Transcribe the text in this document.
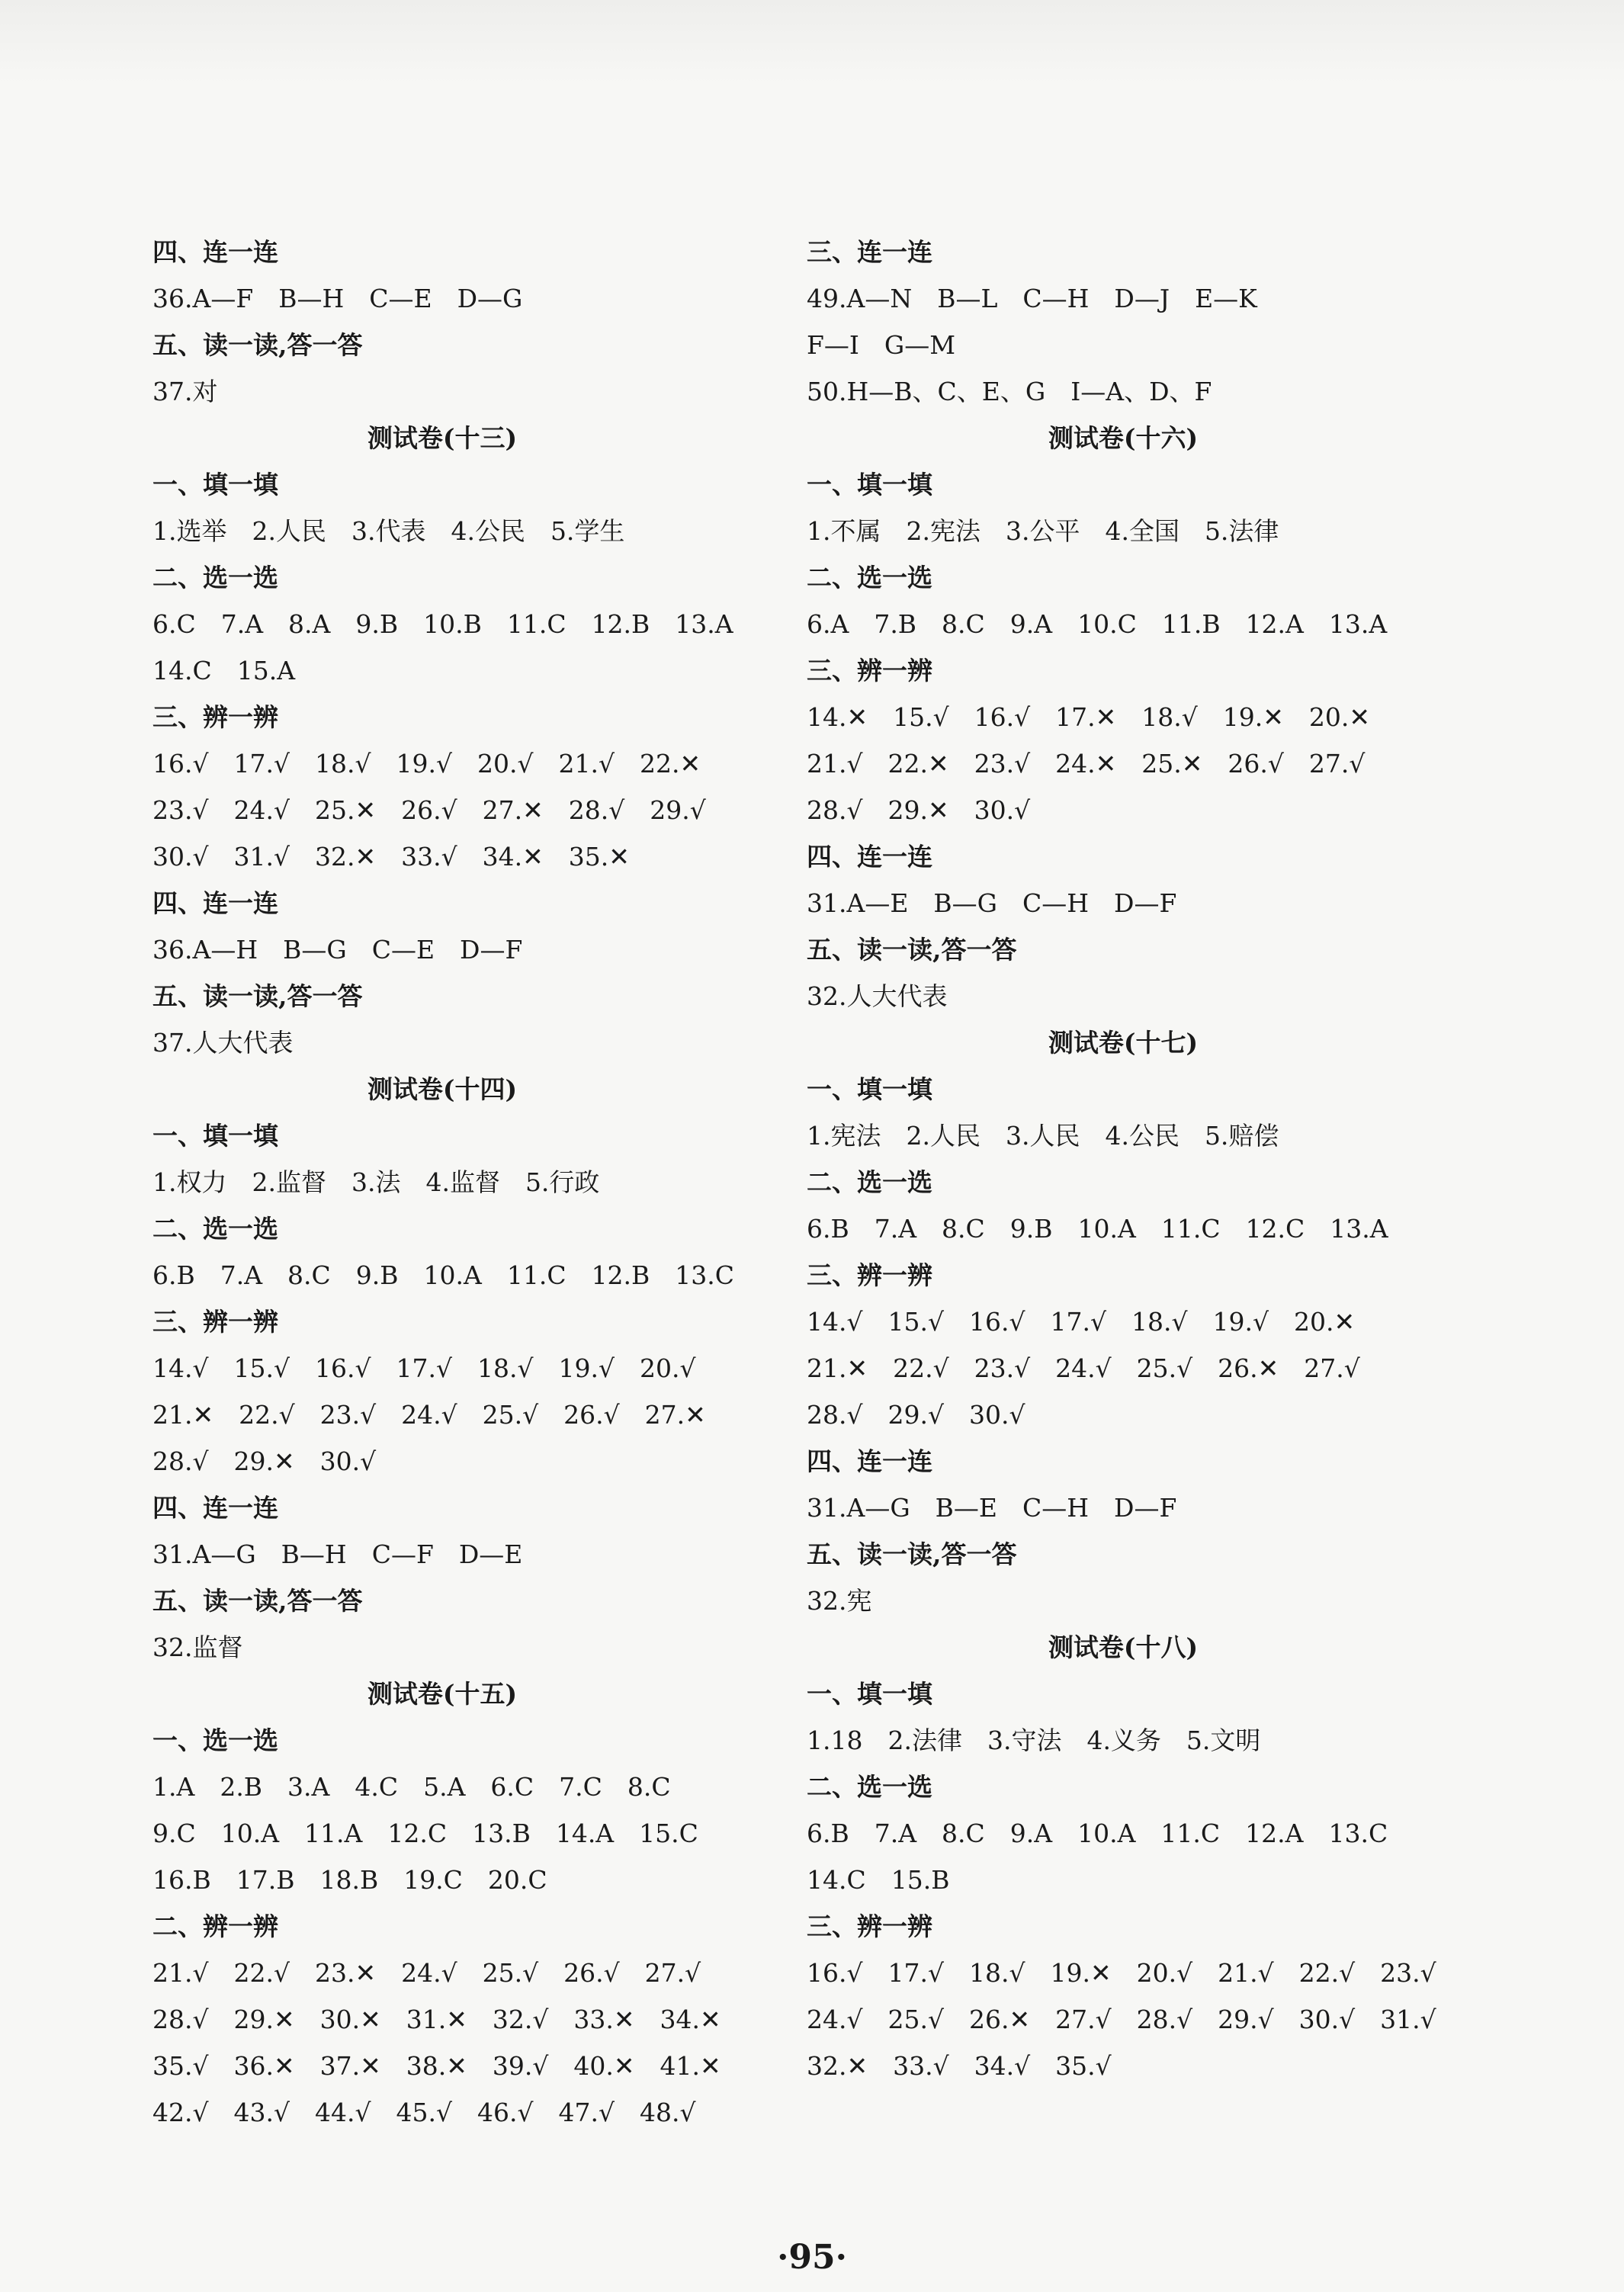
四、连一连
36.A—F　B—H　C—E　D—G
五、读一读,答一答
37.对
测试卷(十三)
一、填一填
1.选举　2.人民　3.代表　4.公民　5.学生
二、选一选
6.C　7.A　8.A　9.B　10.B　11.C　12.B　13.A
14.C　15.A
三、辨一辨
16.√　17.√　18.√　19.√　20.√　21.√　22.✕
23.√　24.√　25.✕　26.√　27.✕　28.√　29.√
30.√　31.√　32.✕　33.√　34.✕　35.✕
四、连一连
36.A—H　B—G　C—E　D—F
五、读一读,答一答
37.人大代表
测试卷(十四)
一、填一填
1.权力　2.监督　3.法　4.监督　5.行政
二、选一选
6.B　7.A　8.C　9.B　10.A　11.C　12.B　13.C
三、辨一辨
14.√　15.√　16.√　17.√　18.√　19.√　20.√
21.✕　22.√　23.√　24.√　25.√　26.√　27.✕
28.√　29.✕　30.√
四、连一连
31.A—G　B—H　C—F　D—E
五、读一读,答一答
32.监督
测试卷(十五)
一、选一选
1.A　2.B　3.A　4.C　5.A　6.C　7.C　8.C
9.C　10.A　11.A　12.C　13.B　14.A　15.C
16.B　17.B　18.B　19.C　20.C
二、辨一辨
21.√　22.√　23.✕　24.√　25.√　26.√　27.√
28.√　29.✕　30.✕　31.✕　32.√　33.✕　34.✕
35.√　36.✕　37.✕　38.✕　39.√　40.✕　41.✕
42.√　43.√　44.√　45.√　46.√　47.√　48.√
三、连一连
49.A—N　B—L　C—H　D—J　E—K
F—I　G—M
50.H—B、C、E、G　I—A、D、F
测试卷(十六)
一、填一填
1.不属　2.宪法　3.公平　4.全国　5.法律
二、选一选
6.A　7.B　8.C　9.A　10.C　11.B　12.A　13.A
三、辨一辨
14.✕　15.√　16.√　17.✕　18.√　19.✕　20.✕
21.√　22.✕　23.√　24.✕　25.✕　26.√　27.√
28.√　29.✕　30.√
四、连一连
31.A—E　B—G　C—H　D—F
五、读一读,答一答
32.人大代表
测试卷(十七)
一、填一填
1.宪法　2.人民　3.人民　4.公民　5.赔偿
二、选一选
6.B　7.A　8.C　9.B　10.A　11.C　12.C　13.A
三、辨一辨
14.√　15.√　16.√　17.√　18.√　19.√　20.✕
21.✕　22.√　23.√　24.√　25.√　26.✕　27.√
28.√　29.√　30.√
四、连一连
31.A—G　B—E　C—H　D—F
五、读一读,答一答
32.宪
测试卷(十八)
一、填一填
1.18　2.法律　3.守法　4.义务　5.文明
二、选一选
6.B　7.A　8.C　9.A　10.A　11.C　12.A　13.C
14.C　15.B
三、辨一辨
16.√　17.√　18.√　19.✕　20.√　21.√　22.√　23.√
24.√　25.√　26.✕　27.√　28.√　29.√　30.√　31.√
32.✕　33.√　34.√　35.√
·95·
